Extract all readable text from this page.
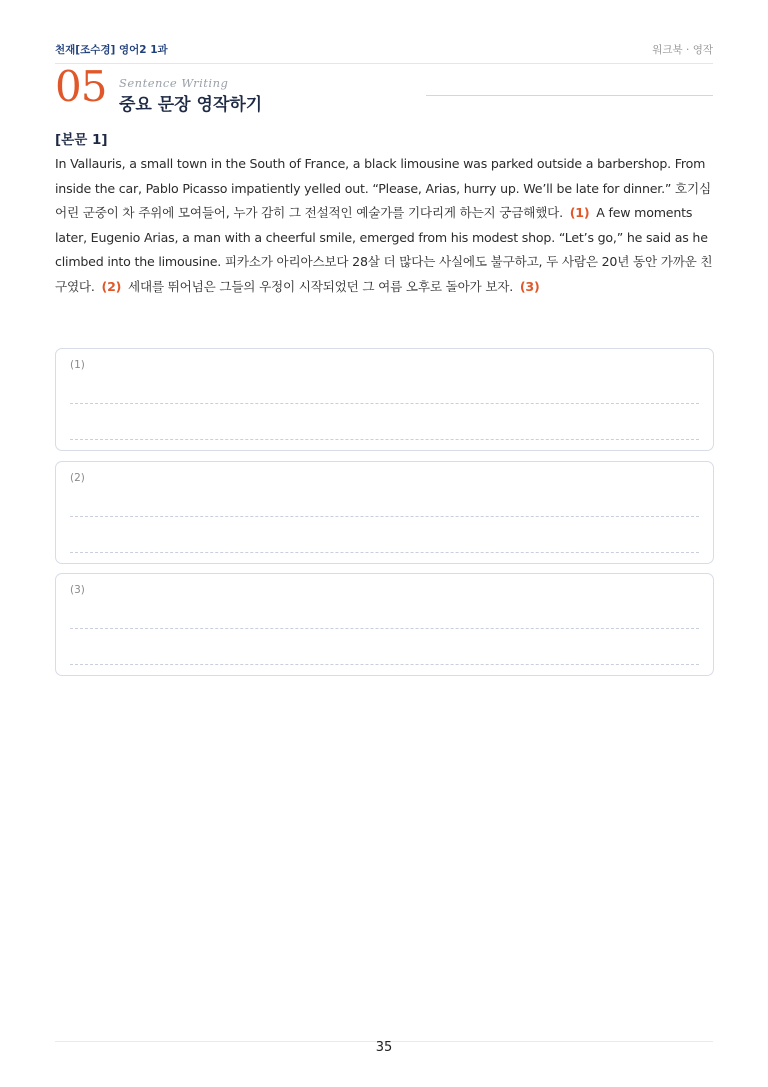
천재[조수경] 영어2 1과	워크북 · 영작
05 Sentence Writing
중요 문장 영작하기
[본문 1]
In Vallauris, a small town in the South of France, a black limousine was parked outside a barbershop. From inside the car, Pablo Picasso impatiently yelled out. “Please, Arias, hurry up. We’ll be late for dinner.” 호기심 어린 군중이 차 주위에 모여들어, 누가 감히 그 전설적인 예술가를 기다리게 하는지 궁금해했다. (1) A few moments later, Eugenio Arias, a man with a cheerful smile, emerged from his modest shop. “Let’s go,” he said as he climbed into the limousine. 피카소가 아리아스보다 28살 더 많다는 사실에도 불구하고, 두 사람은 20년 동안 가까운 친구였다. (2) 세대를 뛰어넘은 그들의 우정이 시작되었던 그 여름 오후로 돌아가 보자. (3)
(1)
(2)
(3)
35
